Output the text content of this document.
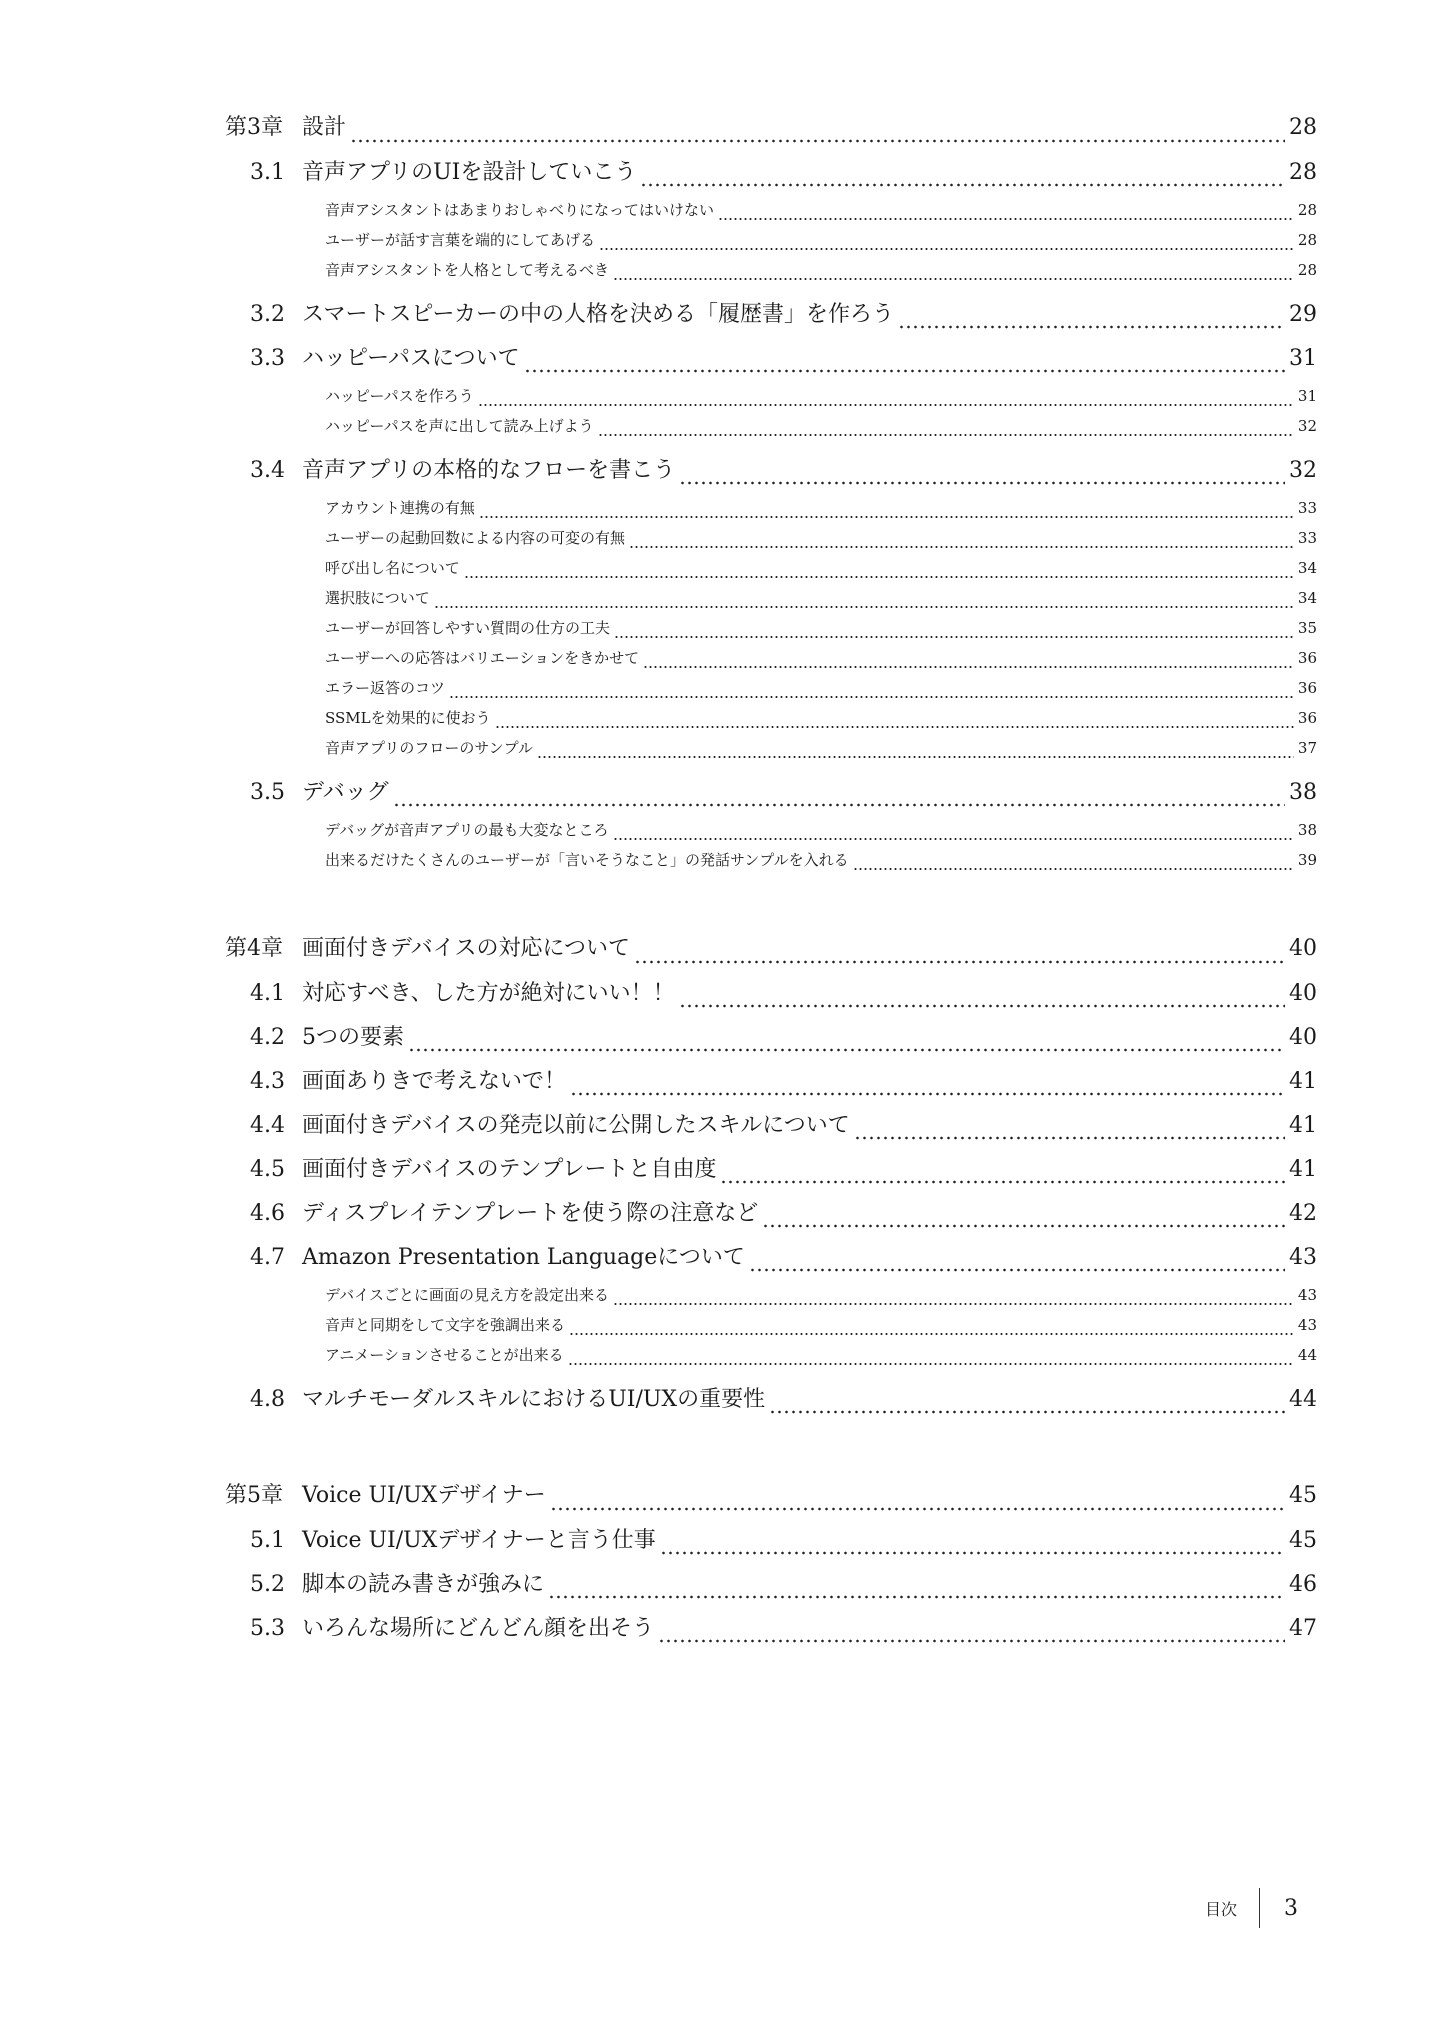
第3章 設計	28
3.1 音声アプリのUIを設計していこう	28
音声アシスタントはあまりおしゃべりになってはいけない	28
ユーザーが話す言葉を端的にしてあげる	28
音声アシスタントを人格として考えるべき	28
3.2 スマートスピーカーの中の人格を決める「履歴書」を作ろう	29
3.3 ハッピーパスについて	31
ハッピーパスを作ろう	31
ハッピーパスを声に出して読み上げよう	32
3.4 音声アプリの本格的なフローを書こう	32
アカウント連携の有無	33
ユーザーの起動回数による内容の可変の有無	33
呼び出し名について	34
選択肢について	34
ユーザーが回答しやすい質問の仕方の工夫	35
ユーザーへの応答はバリエーションをきかせて	36
エラー返答のコツ	36
SSMLを効果的に使おう	36
音声アプリのフローのサンプル	37
3.5 デバッグ	38
デバッグが音声アプリの最も大変なところ	38
出来るだけたくさんのユーザーが「言いそうなこと」の発話サンプルを入れる	39
第4章 画面付きデバイスの対応について	40
4.1 対応すべき、した方が絶対にいい！！	40
4.2 5つの要素	40
4.3 画面ありきで考えないで！	41
4.4 画面付きデバイスの発売以前に公開したスキルについて	41
4.5 画面付きデバイスのテンプレートと自由度	41
4.6 ディスプレイテンプレートを使う際の注意など	42
4.7 Amazon Presentation Languageについて	43
デバイスごとに画面の見え方を設定出来る	43
音声と同期をして文字を強調出来る	43
アニメーションさせることが出来る	44
4.8 マルチモーダルスキルにおけるUI/UXの重要性	44
第5章 Voice UI/UXデザイナー	45
5.1 Voice UI/UXデザイナーと言う仕事	45
5.2 脚本の読み書きが強みに	46
5.3 いろんな場所にどんどん顔を出そう	47
目次 3
